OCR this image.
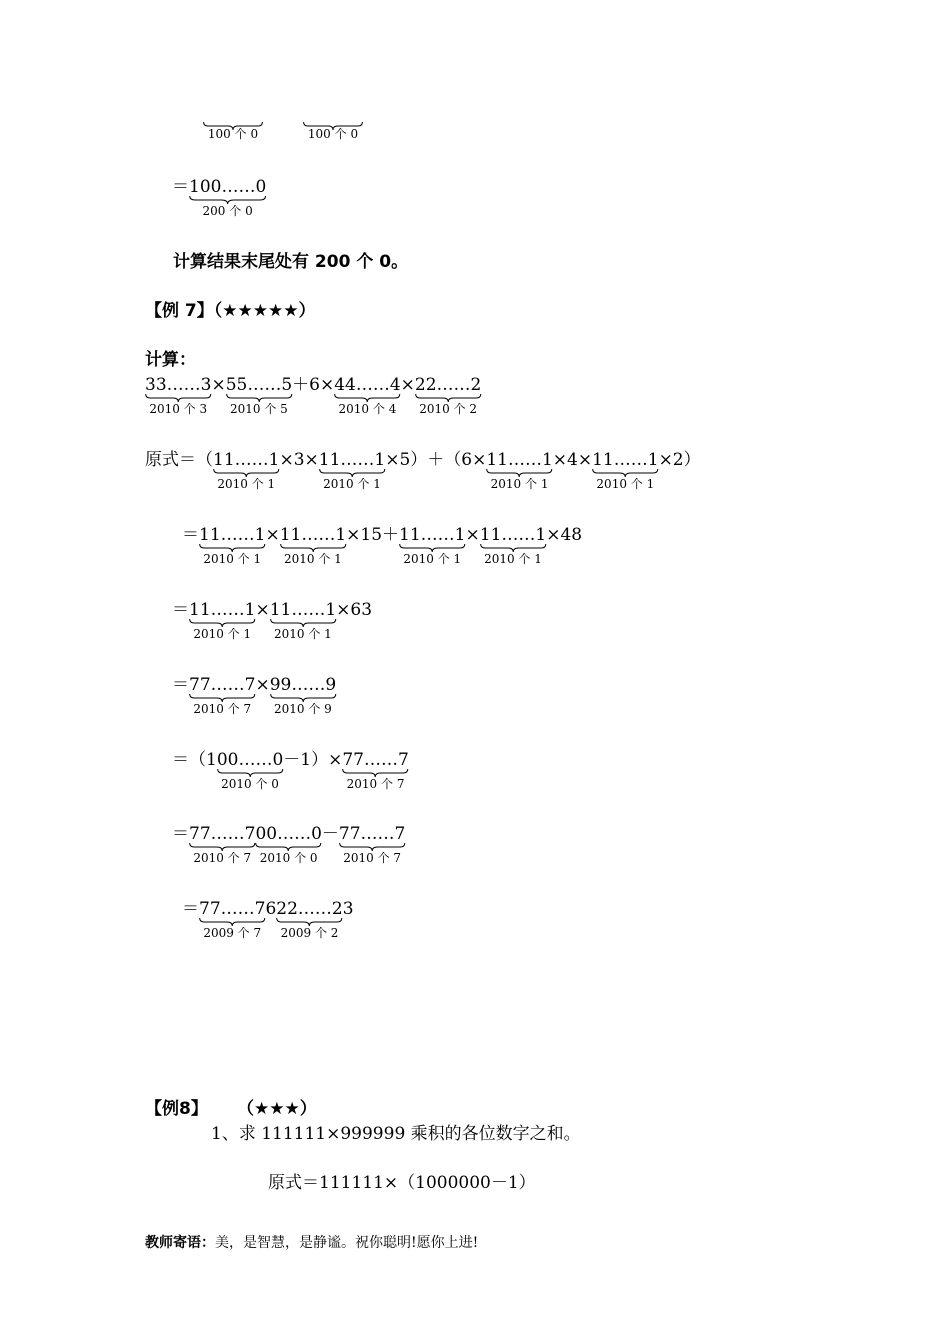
100 个 0	100 个 0
＝100……0
200 个 0
计算结果末尾处有 200 个 0。
【例 7】（★★★★★）
计算：
33……3
2010 个 3
×55……5
2010 个 5
＋6×44……4
2010 个 4
×22……2
2010 个 2
原式＝（11……1
2010 个 1
×3×11……1
2010 个 1
×5）＋（6×11……1
2010 个 1
×4×11……1
2010 个 1
×2）
＝11……1
2010 个 1
×11……1
2010 个 1
×15＋11……1
2010 个 1
×11……1
2010 个 1
×48
＝11……1
2010 个 1
×11……1
2010 个 1
×63
＝77……7
2010 个 7
×99……9
2010 个 9
＝（100……0
2010 个 0
－1）×77……7
2010 个 7
＝77……7
2010 个 7
00……0
2010 个 0
－77……7
2010 个 7
＝77……7
2009 个 7
622……2
2009 个 2
3
【例8】 （★★★）
1、求 111111×999999 乘积的各位数字之和。
原式＝111111×（1000000－1）
教师寄语：美，是智慧，是静谧。祝你聪明!愿你上进!
